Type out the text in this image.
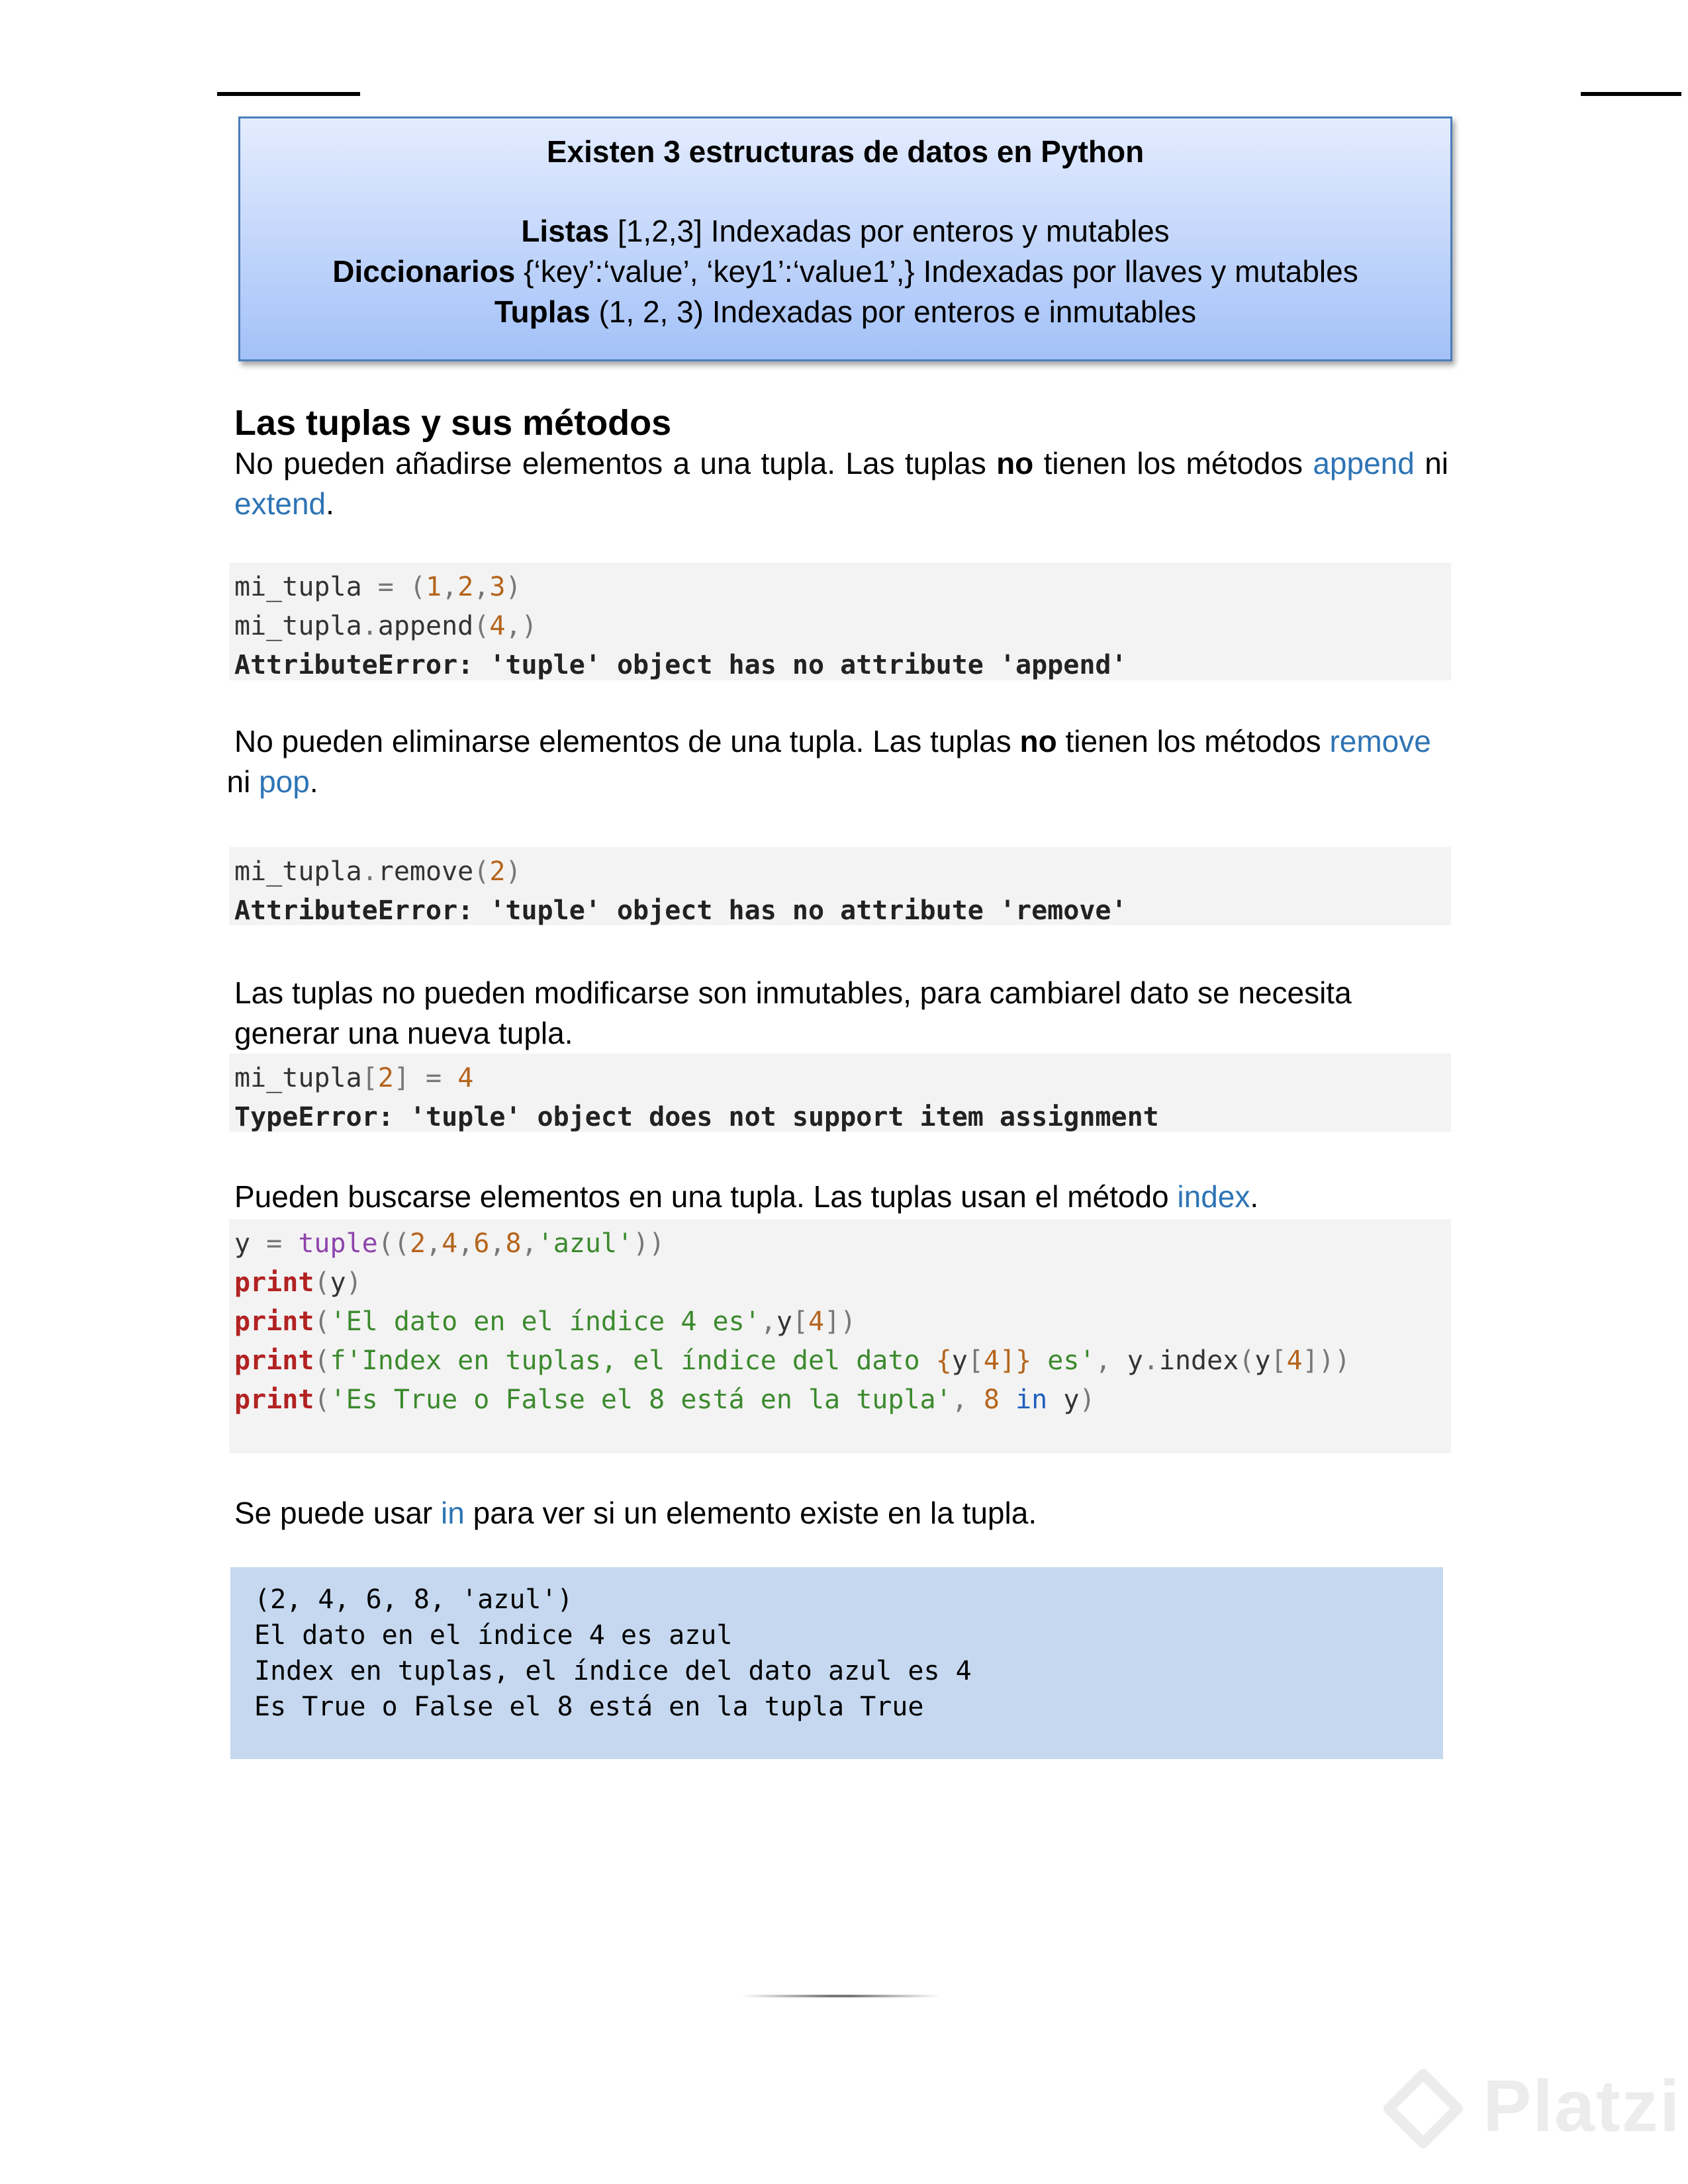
Existen 3 estructuras de datos en Python
Listas [1,2,3] Indexadas por enteros y mutables
Diccionarios {‘key’:‘value’, ‘key1’:‘value1’,} Indexadas por llaves y mutables
Tuplas (1, 2, 3) Indexadas por enteros e inmutables
Las tuplas y sus métodos

No pueden añadirse elementos a una tupla. Las tuplas no tienen los métodos append ni extend.

mi_tupla = (1,2,3)
mi_tupla.append(4,)
AttributeError: 'tuple' object has no attribute 'append'

No pueden eliminarse elementos de una tupla. Las tuplas no tienen los métodos remove
ni pop.

mi_tupla.remove(2)
AttributeError: 'tuple' object has no attribute 'remove'

Las tuplas no pueden modificarse son inmutables, para cambiarel dato se necesita generar una nueva tupla.

mi_tupla[2] = 4
TypeError: 'tuple' object does not support item assignment

Pueden buscarse elementos en una tupla. Las tuplas usan el método index.

y = tuple((2,4,6,8,'azul'))
print(y)
print('El dato en el índice 4 es',y[4])
print(f'Index en tuplas, el índice del dato {y[4]} es', y.index(y[4]))
print('Es True o False el 8 está en la tupla', 8 in y)

Se puede usar in para ver si un elemento existe en la tupla.

(2, 4, 6, 8, 'azul')
El dato en el índice 4 es azul
Index en tuplas, el índice del dato azul es 4
Es True o False el 8 está en la tupla True
Platzi
